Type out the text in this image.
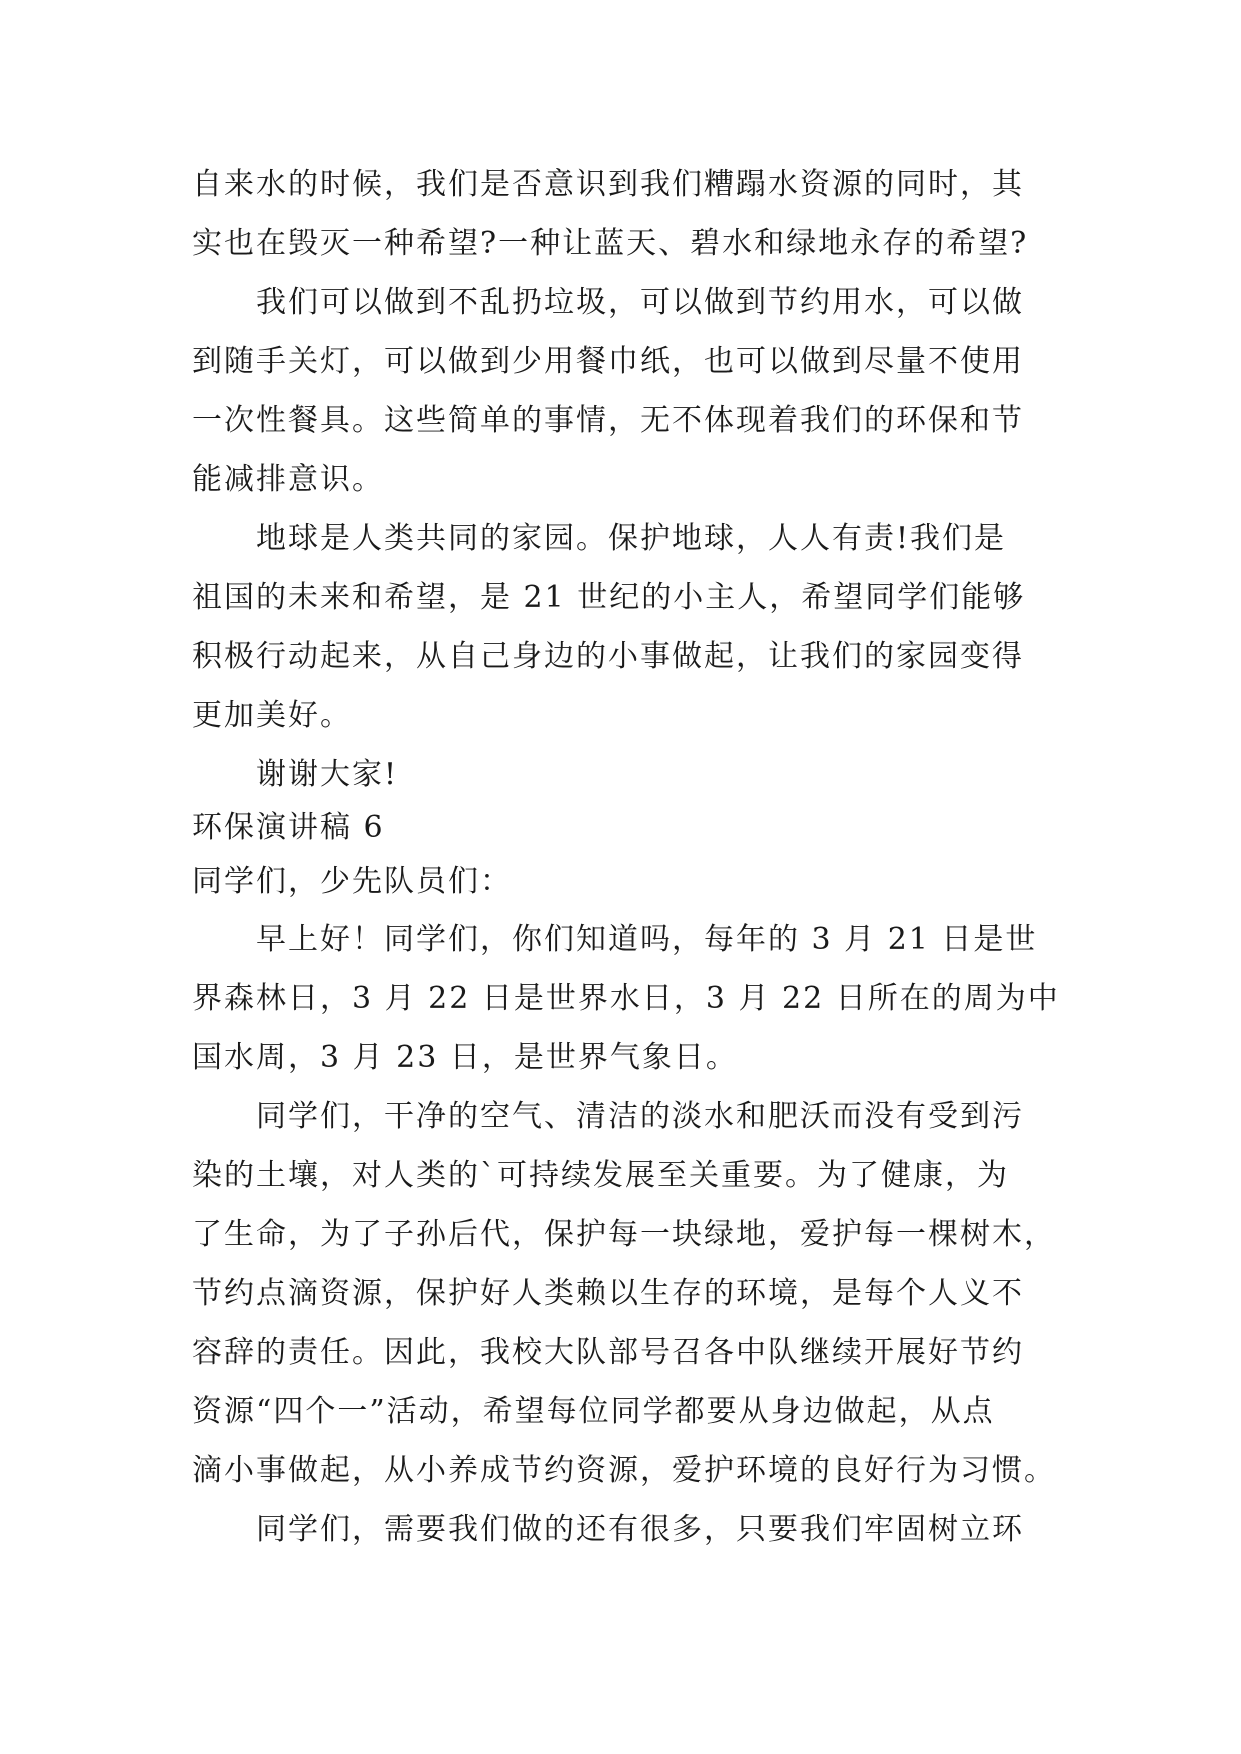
自来水的时候，我们是否意识到我们糟蹋水资源的同时，其
实也在毁灭一种希望?一种让蓝天、碧水和绿地永存的希望?
我们可以做到不乱扔垃圾，可以做到节约用水，可以做
到随手关灯，可以做到少用餐巾纸，也可以做到尽量不使用
一次性餐具。这些简单的事情，无不体现着我们的环保和节
能减排意识。
地球是人类共同的家园。保护地球，人人有责!我们是
祖国的未来和希望，是 21 世纪的小主人，希望同学们能够
积极行动起来，从自己身边的小事做起，让我们的家园变得
更加美好。
谢谢大家!
环保演讲稿 6
同学们，少先队员们：
早上好！同学们，你们知道吗，每年的 3 月 21 日是世
界森林日，3 月 22 日是世界水日，3 月 22 日所在的周为中
国水周，3 月 23 日，是世界气象日。
同学们，干净的空气、清洁的淡水和肥沃而没有受到污
染的土壤，对人类的`可持续发展至关重要。为了健康，为
了生命，为了子孙后代，保护每一块绿地，爱护每一棵树木，
节约点滴资源，保护好人类赖以生存的环境，是每个人义不
容辞的责任。因此，我校大队部号召各中队继续开展好节约
资源“四个一”活动，希望每位同学都要从身边做起，从点
滴小事做起，从小养成节约资源，爱护环境的良好行为习惯。
同学们，需要我们做的还有很多，只要我们牢固树立环
